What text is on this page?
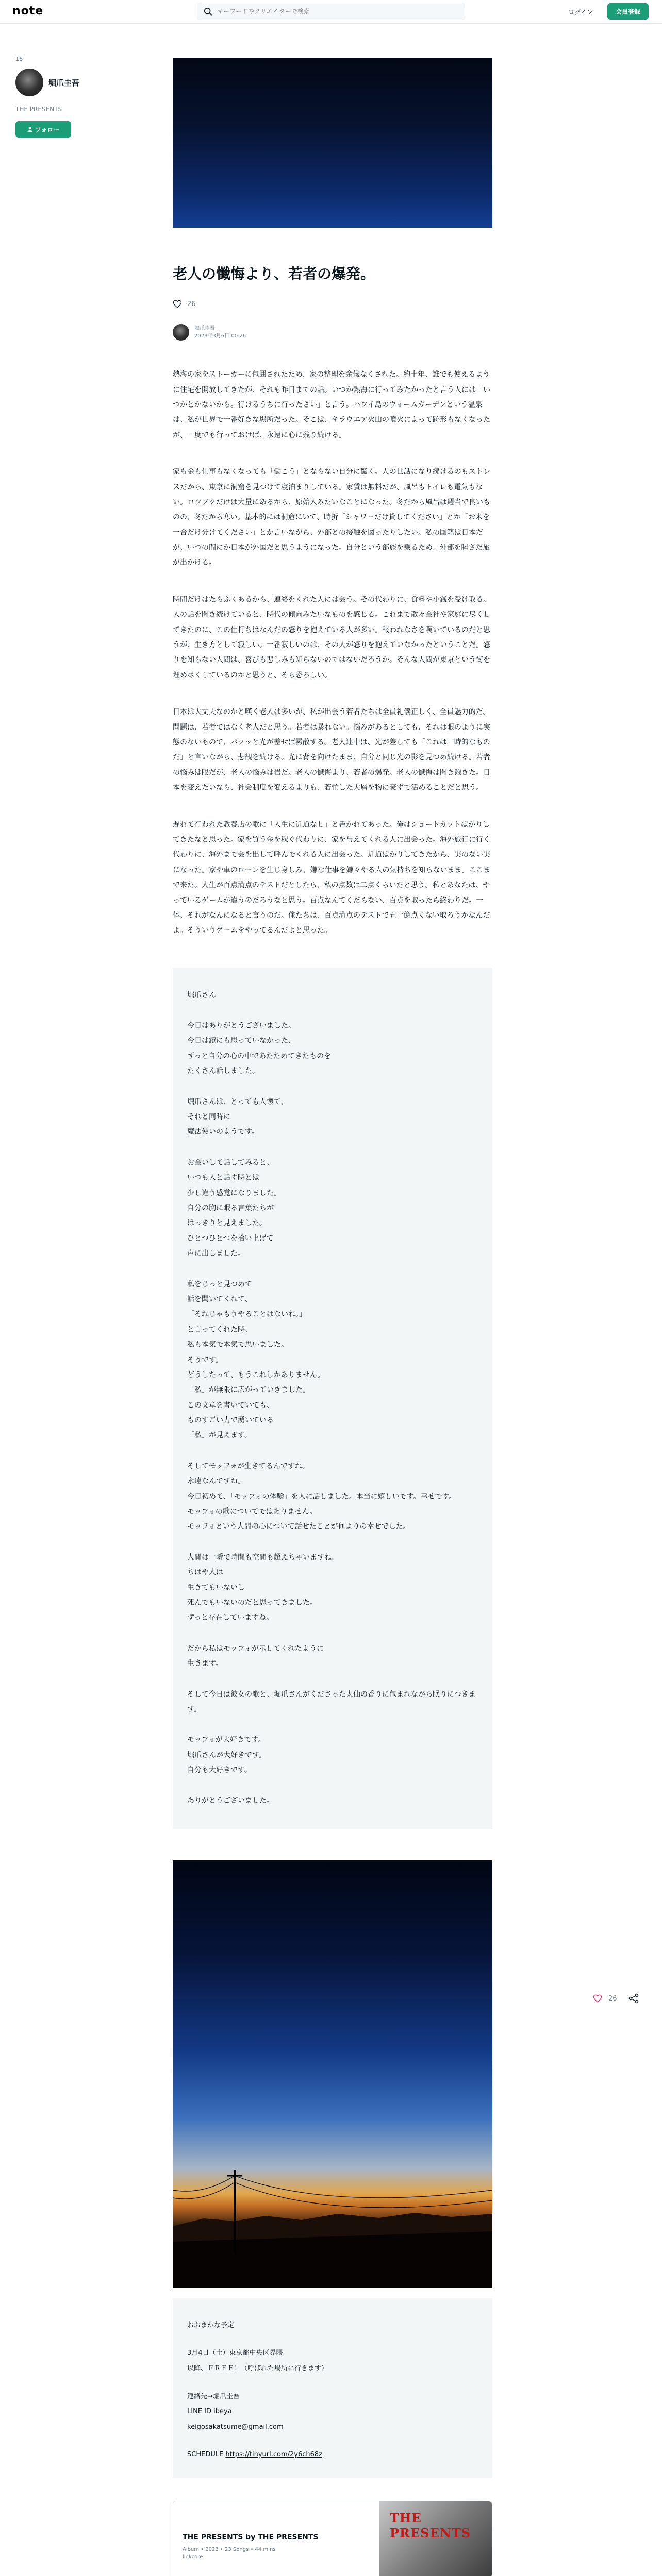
note
キーワードやクリエイターで検索	ログイン	会員登録
16
堀爪圭吾
THE PRESENTS
フォロー
老人の懺悔より、若者の爆発。
26
堀爪圭吾
2023年3月6日 00:26

熱海の家をストーカーに包囲されたため、家の整理を余儀なくされた。約十年、誰でも使えるように住宅を開放してきたが、それも昨日までの話。いつか熱海に行ってみたかったと言う人には「いつかとかないから。行けるうちに行ったさい」と言う。ハワイ島のウォームガーデンという温泉は、私が世界で一番好きな場所だった。そこは、キラウエア火山の噴火によって跡形もなくなったが、一度でも行っておけば、永遠に心に残り続ける。

家も金も仕事もなくなっても「働こう」とならない自分に驚く。人の世話になり続けるのもストレスだから、東京に洞窟を見つけて寝泊まりしている。家賃は無料だが、風呂もトイレも電気もない。ロウソクだけは大量にあるから、原始人みたいなことになった。冬だから風呂は週当で良いものの、冬だから寒い。基本的には洞窟にいて、時折「シャワーだけ貸してください」とか「お米を一合だけ分けてください」とか言いながら、外部との接触を図ったりしたい。私の国籍は日本だが、いつの間にか日本が外国だと思うようになった。自分という部族を乗るため、外部を睦ざだ旅が出かける。

時間だけはたらふくあるから、連絡をくれた人には会う。その代わりに、食料や小銭を受け取る。人の話を聞き続けていると、時代の傾向みたいなものを感じる。これまで散々会社や家庭に尽くしてきたのに、この仕打ちはなんだの怒りを抱えている人が多い。報われなさを嘆いているのだと思うが、生き方として寂しい。一番寂しいのは、その人が怒りを抱えていなかったということだ。怒りを知らない人間は、喜びも悲しみも知らないのではないだろうか。そんな人間が東京という街を埋め尽くしているのかと思うと、そら恐ろしい。

日本は大丈夫なのかと嘆く老人は多いが、私が出会う若者たちは全員礼儀正しく、全員魅力的だ。問題は、若者ではなく老人だと思う。若者は暴れない。悩みがあるとしても、それは眼のように実態のないもので、パァッと光が差せば霧散する。老人連中は、光が差しても「これは一時的なものだ」と言いながら、悲観を続ける。光に背を向けたまま、自分と同じ光の影を見つめ続ける。若者の悩みは眼だが、老人の悩みは岩だ。老人の懺悔より、若者の爆発。老人の懺悔は聞き飽きた。日本を変えたいなら、社会制度を変えるよりも、若忙した大層を物に豪ずで活めることだと思う。

遅れて行われた教養店の歌に「人生に近道なし」と書かれてあった。俺はショートカットばかりしてきたなと思った。家を買う金を稼ぐ代わりに、家を与えてくれる人に出会った。海外旅行に行く代わりに、海外まで会を出して呼んでくれる人に出会った。近道ばかりしてきたから、実のない実になった。家や車のローンを生じ身しみ、嫌な仕事を嫌々やる人の気持ちを知らないまま。ここまで来た。人生が百点満点のテストだとしたら、私の点数は二点くらいだと思う。私とあなたは、やっているゲームが違うのだろうなと思う。百点なんてくだらない、百点を取ったら終わりだ。一体、それがなんになると言うのだ。俺たちは、百点満点のテストで五十億点くない取ろうかなんだよ。そういうゲームをやってるんだよと思った。

堀爪さん

今日はありがとうございました。

今日は鏡にも思っていなかった、

ずっと自分の心の中であたためてきたものを

たくさん話しました。

堀爪さんは、とっても人懐て、

それと同時に

魔法使いのようです。

お会いして話してみると、

いつも人と話す時とは

少し違う感覚になりました。

自分の胸に眠る言葉たちが

はっきりと見えました。

ひとつひとつを拾い上げて

声に出しました。

私をじっと見つめて

話を聞いてくれて、

「それじゃもうやることはないね。」

と言ってくれた時、

私も本気で本気で思いました。

そうです。

どうしたって、もうこれしかありません。

「私」が無限に広がっていきました。

この文章を書いていても、

ものすごい力で湧いている

「私」が見えます。

そしてモッフォが生きてるんですね。

永遠なんですね。

今日初めて、「モッフォの体験」を人に話しました。本当に嬉しいです。幸せです。

モッフォの歌についてではありません。

モッフォという人間の心について話せたことが何よりの幸せでした。

人間は一瞬で時間も空間も超えちゃいますね。

ちはや人は

生きてもいないし

死んでもいないのだと思ってきました。

ずっと存在していますね。

だから私はモッフォが示してくれたように

生きます。

そして今日は彼女の歌と、堀爪さんがくださった太仙の香りに包まれながら眠りにつきます。

モッフォが大好きです。

堀爪さんが大好きです。

自分も大好きです。

ありがとうございました。

おおまかな予定

3月4日（土）東京都中央区界隈

以降、ＦＲＥＥ！（呼ばれた場所に行きます）

連絡先→堀爪圭吾

LINE ID ibeya

keigosakatsume@gmail.com

SCHEDULE https://tinyurl.com/2y6ch68z

THE PRESENTS by THE PRESENTS
Album • 2023 • 23 Songs • 44 mins
linkcore
THE PRESENTS
26
